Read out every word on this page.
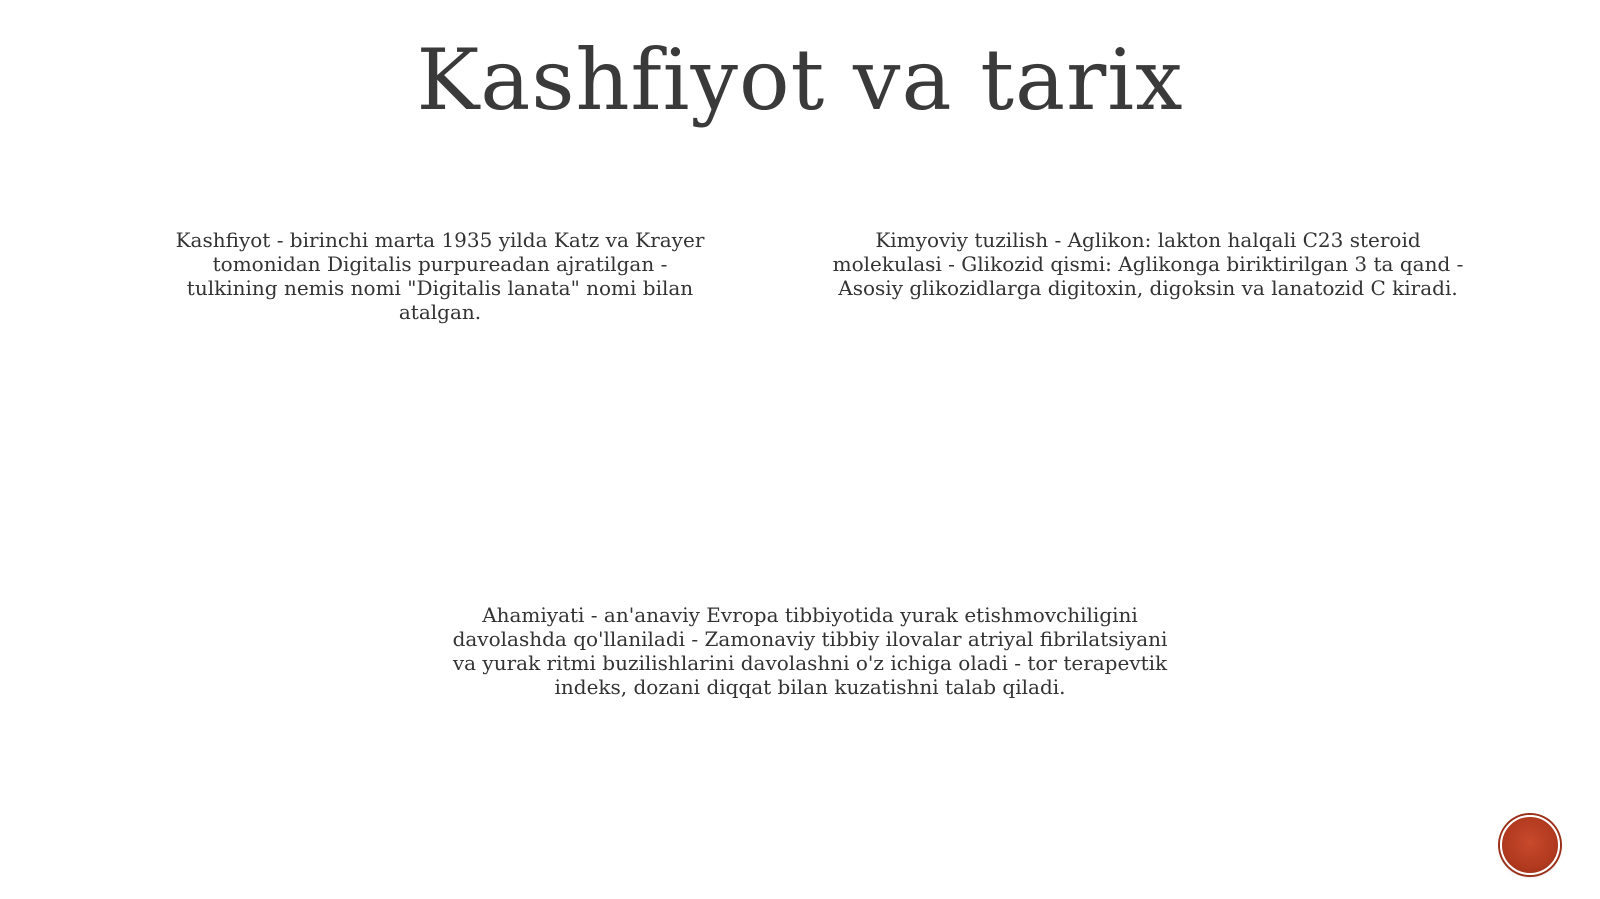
Kashfiyot va tarix
Kashfiyot - birinchi marta 1935 yilda Katz va Krayer tomonidan Digitalis purpureadan ajratilgan - tulkining nemis nomi "Digitalis lanata" nomi bilan atalgan.
Kimyoviy tuzilish - Aglikon: lakton halqali C23 steroid molekulasi - Glikozid qismi: Aglikonga biriktirilgan 3 ta qand - Asosiy glikozidlarga digitoxin, digoksin va lanatozid C kiradi.
Ahamiyati - an'anaviy Evropa tibbiyotida yurak etishmovchiligini davolashda qo'llaniladi - Zamonaviy tibbiy ilovalar atriyal fibrilatsiyani va yurak ritmi buzilishlarini davolashni o'z ichiga oladi - tor terapevtik indeks, dozani diqqat bilan kuzatishni talab qiladi.
